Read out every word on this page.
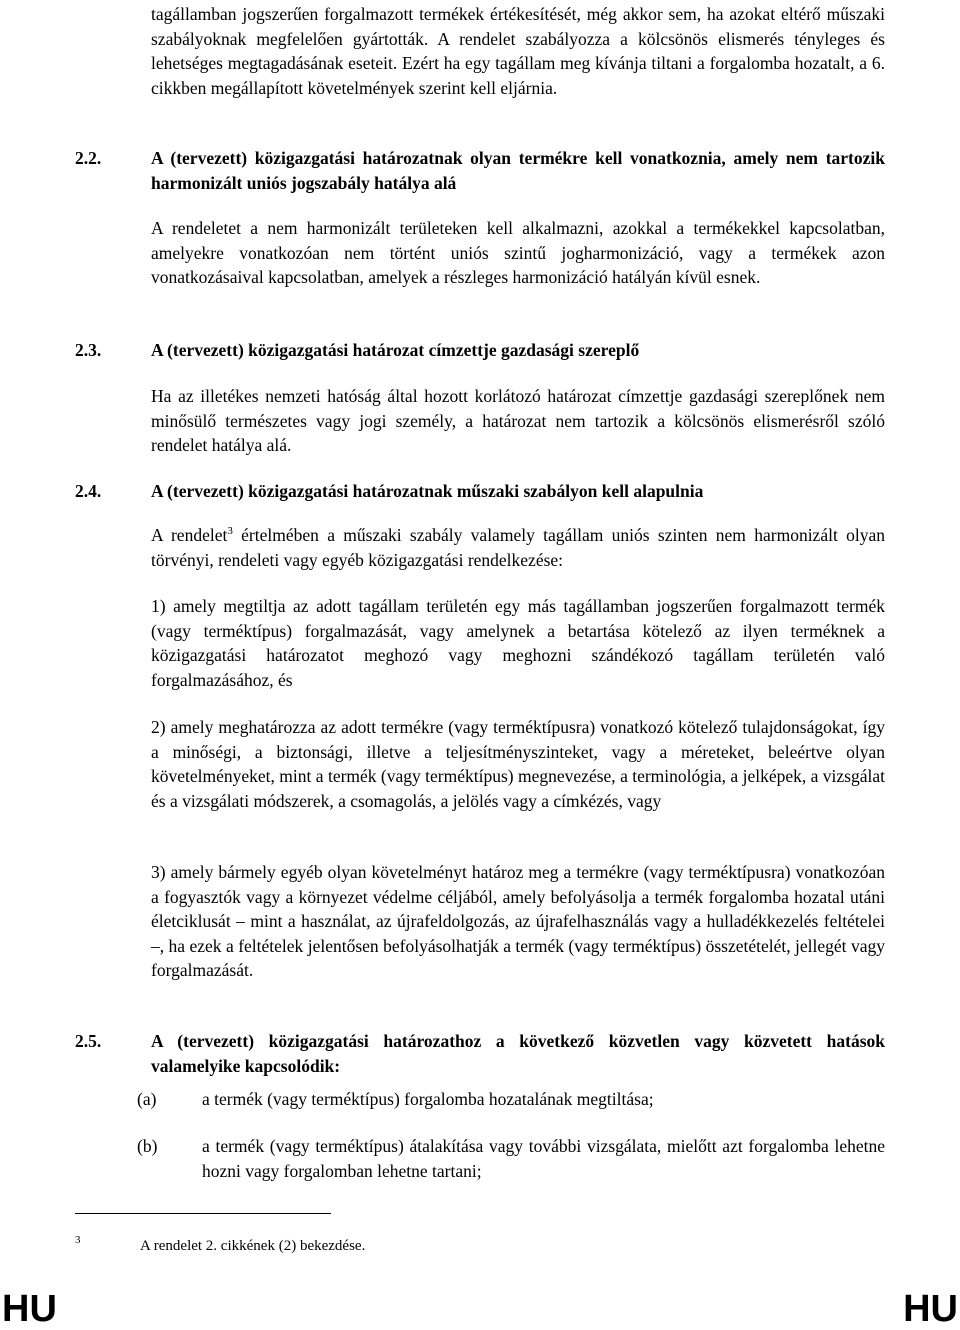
tagállamban jogszerűen forgalmazott termékek értékesítését, még akkor sem, ha azokat eltérő műszaki szabályoknak megfelelően gyártották. A rendelet szabályozza a kölcsönös elismerés tényleges és lehetséges megtagadásának eseteit. Ezért ha egy tagállam meg kívánja tiltani a forgalomba hozatalt, a 6. cikkben megállapított követelmények szerint kell eljárnia.

2.2.	A (tervezett) közigazgatási határozatnak olyan termékre kell vonatkoznia, amely nem tartozik harmonizált uniós jogszabály hatálya alá

A rendeletet a nem harmonizált területeken kell alkalmazni, azokkal a termékekkel kapcsolatban, amelyekre vonatkozóan nem történt uniós szintű jogharmonizáció, vagy a termékek azon vonatkozásaival kapcsolatban, amelyek a részleges harmonizáció hatályán kívül esnek.

2.3.	A (tervezett) közigazgatási határozat címzettje gazdasági szereplő

Ha az illetékes nemzeti hatóság által hozott korlátozó határozat címzettje gazdasági szereplőnek nem minősülő természetes vagy jogi személy, a határozat nem tartozik a kölcsönös elismerésről szóló rendelet hatálya alá.

2.4.	A (tervezett) közigazgatási határozatnak műszaki szabályon kell alapulnia

A rendelet$^3$ értelmében a műszaki szabály valamely tagállam uniós szinten nem harmonizált olyan törvényi, rendeleti vagy egyéb közigazgatási rendelkezése:

1) amely megtiltja az adott tagállam területén egy más tagállamban jogszerűen forgalmazott termék (vagy terméktípus) forgalmazását, vagy amelynek a betartása kötelező az ilyen terméknek a közigazgatási határozatot meghozó vagy meghozni szándékozó tagállam területén való forgalmazásához, és

2) amely meghatározza az adott termékre (vagy terméktípusra) vonatkozó kötelező tulajdonságokat, így a minőségi, a biztonsági, illetve a teljesítményszinteket, vagy a méreteket, beleértve olyan követelményeket, mint a termék (vagy terméktípus) megnevezése, a terminológia, a jelképek, a vizsgálat és a vizsgálati módszerek, a csomagolás, a jelölés vagy a címkézés, vagy

3) amely bármely egyéb olyan követelményt határoz meg a termékre (vagy terméktípusra) vonatkozóan a fogyasztók vagy a környezet védelme céljából, amely befolyásolja a termék forgalomba hozatal utáni életciklusát – mint a használat, az újrafeldolgozás, az újrafelhasználás vagy a hulladékkezelés feltételei –, ha ezek a feltételek jelentősen befolyásolhatják a termék (vagy terméktípus) összetételét, jellegét vagy forgalmazását.

2.5.	A (tervezett) közigazgatási határozathoz a következő közvetlen vagy közvetett hatások valamelyike kapcsolódik:

(a)	a termék (vagy terméktípus) forgalomba hozatalának megtiltása;

(b)	a termék (vagy terméktípus) átalakítása vagy további vizsgálata, mielőtt azt forgalomba lehetne hozni vagy forgalomban lehetne tartani;

3	A rendelet 2. cikkének (2) bekezdése.
HU	HU
